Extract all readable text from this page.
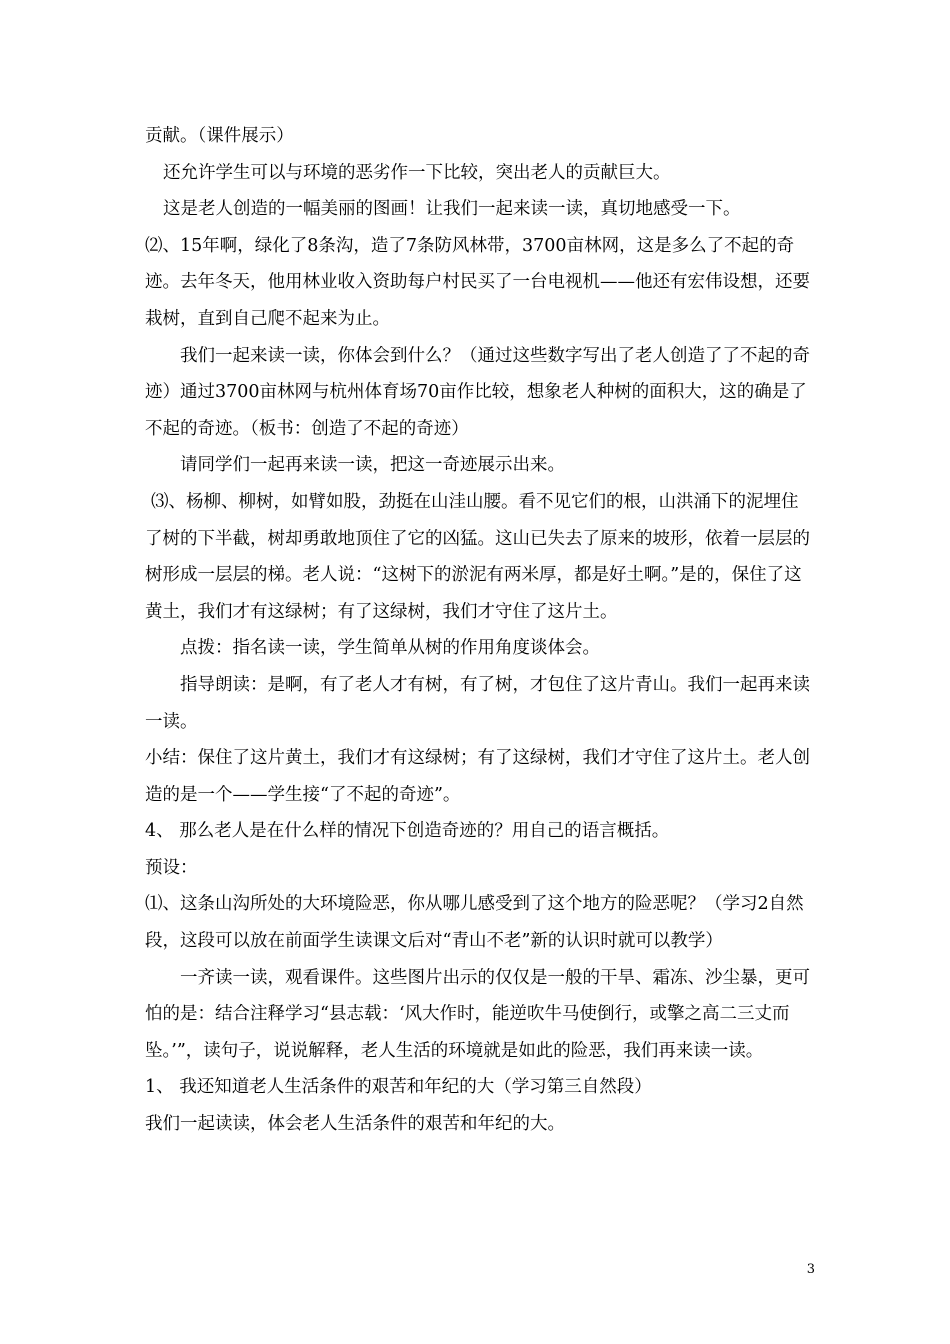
贡献。（课件展示）

还允许学生可以与环境的恶劣作一下比较，突出老人的贡献巨大。

这是老人创造的一幅美丽的图画！让我们一起来读一读，真切地感受一下。

⑵、15年啊，绿化了8条沟，造了7条防风林带，3700亩林网，这是多么了不起的奇迹。去年冬天，他用林业收入资助每户村民买了一台电视机——他还有宏伟设想，还要栽树，直到自己爬不起来为止。

我们一起来读一读，你体会到什么？（通过这些数字写出了老人创造了了不起的奇迹）通过3700亩林网与杭州体育场70亩作比较，想象老人种树的面积大，这的确是了不起的奇迹。（板书：创造了不起的奇迹）

请同学们一起再来读一读，把这一奇迹展示出来。

⑶、杨柳、柳树，如臂如股，劲挺在山洼山腰。看不见它们的根，山洪涌下的泥埋住了树的下半截，树却勇敢地顶住了它的凶猛。这山已失去了原来的坡形，依着一层层的树形成一层层的梯。老人说：“这树下的淤泥有两米厚，都是好土啊。”是的，保住了这黄土，我们才有这绿树；有了这绿树，我们才守住了这片土。

点拨：指名读一读，学生简单从树的作用角度谈体会。

指导朗读：是啊，有了老人才有树，有了树，才包住了这片青山。我们一起再来读一读。

小结：保住了这片黄土，我们才有这绿树；有了这绿树，我们才守住了这片土。老人创造的是一个——学生接“了不起的奇迹”。

4、 那么老人是在什么样的情况下创造奇迹的？用自己的语言概括。

预设：

⑴、这条山沟所处的大环境险恶，你从哪儿感受到了这个地方的险恶呢？（学习2自然段，这段可以放在前面学生读课文后对“青山不老”新的认识时就可以教学）

一齐读一读，观看课件。这些图片出示的仅仅是一般的干旱、霜冻、沙尘暴，更可怕的是：结合注释学习“县志载：‘风大作时，能逆吹牛马使倒行，或擎之高二三丈而坠。’”，读句子，说说解释，老人生活的环境就是如此的险恶，我们再来读一读。

1、 我还知道老人生活条件的艰苦和年纪的大（学习第三自然段）

我们一起读读，体会老人生活条件的艰苦和年纪的大。

3
